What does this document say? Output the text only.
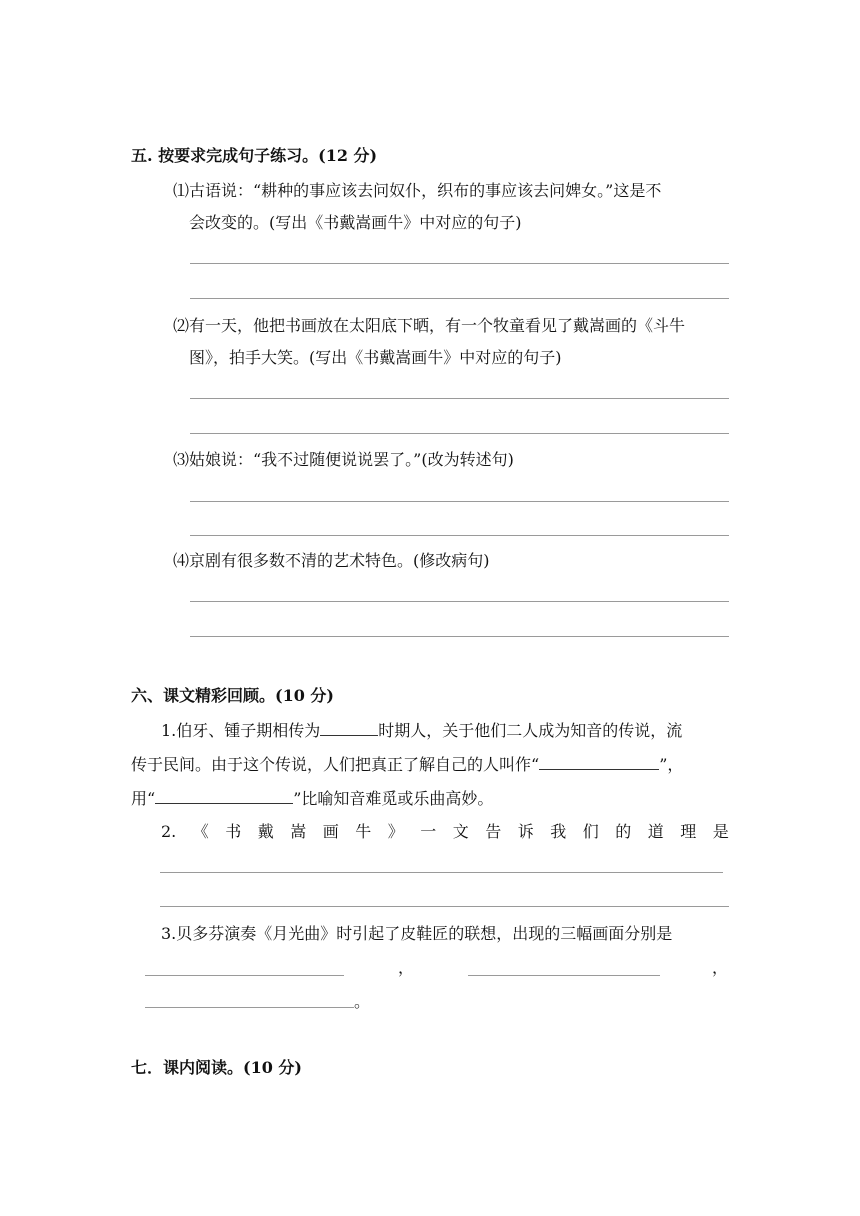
五. 按要求完成句子练习。(12 分)
⑴古语说：“耕种的事应该去问奴仆，织布的事应该去问婢女。”这是不
会改变的。(写出《书戴嵩画牛》中对应的句子)
⑵有一天，他把书画放在太阳底下晒，有一个牧童看见了戴嵩画的《斗牛
图》，拍手大笑。(写出《书戴嵩画牛》中对应的句子)
⑶姑娘说：“我不过随便说说罢了。”(改为转述句)
⑷京剧有很多数不清的艺术特色。(修改病句)
六、课文精彩回顾。(10 分)
1.伯牙、锺子期相传为	时期人，关于他们二人成为知音的传说，流
传于民间。由于这个传说，人们把真正了解自己的人叫作“	”，
用“	”比喻知音难觅或乐曲高妙。
2. 《 书 戴 嵩 画 牛 》 一 文 告 诉 我 们 的 道 理 是
3.贝多芬演奏《月光曲》时引起了皮鞋匠的联想，出现的三幅画面分别是
，	，
。
七．课内阅读。(10 分)
